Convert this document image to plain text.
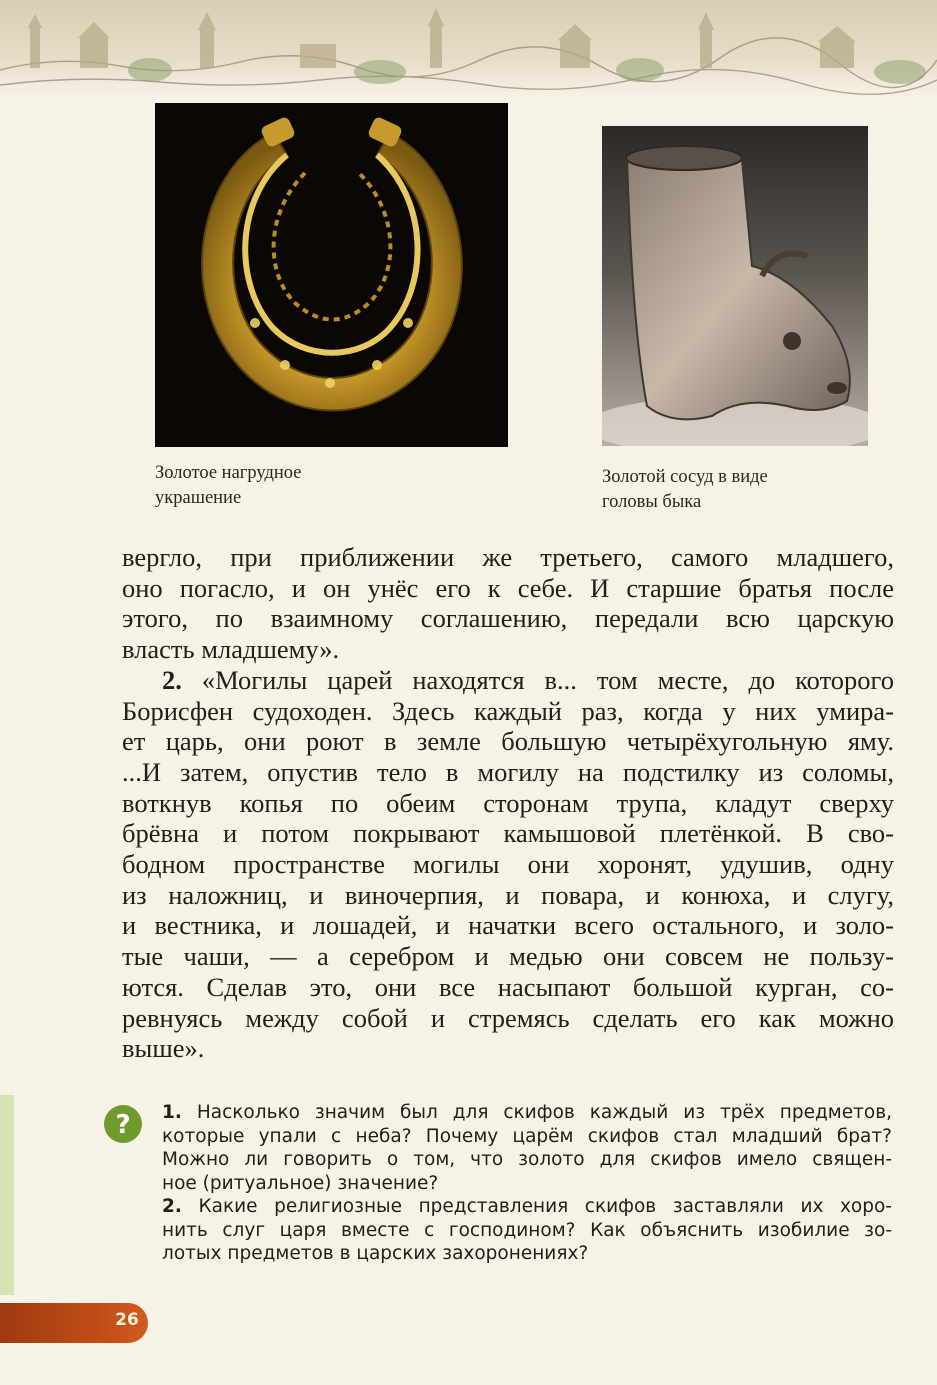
Золотое нагрудное
украшение
Золотой сосуд в виде
головы быка
вергло, при приближении же третьего, самого младшего,
оно погасло, и он унёс его к себе. И старшие братья после
этого, по взаимному соглашению, передали всю царскую
власть младшему».
2. «Могилы царей находятся в... том месте, до которого
Борисфен судоходен. Здесь каждый раз, когда у них умира-
ет царь, они роют в земле большую четырёхугольную яму.
...И затем, опустив тело в могилу на подстилку из соломы,
воткнув копья по обеим сторонам трупа, кладут сверху
брёвна и потом покрывают камышовой плетёнкой. В сво-
бодном пространстве могилы они хоронят, удушив, одну
из наложниц, и виночерпия, и повара, и конюха, и слугу,
и вестника, и лошадей, и начатки всего остального, и золо-
тые чаши, — а серебром и медью они совсем не пользу-
ются. Сделав это, они все насыпают большой курган, со-
ревнуясь между собой и стремясь сделать его как можно
выше».
? 1. Насколько значим был для скифов каждый из трёх предметов,
которые упали с неба? Почему царём скифов стал младший брат?
Можно ли говорить о том, что золото для скифов имело священ-
ное (ритуальное) значение?
2. Какие религиозные представления скифов заставляли их хоро-
нить слуг царя вместе с господином? Как объяснить изобилие зо-
лотых предметов в царских захоронениях?
26
